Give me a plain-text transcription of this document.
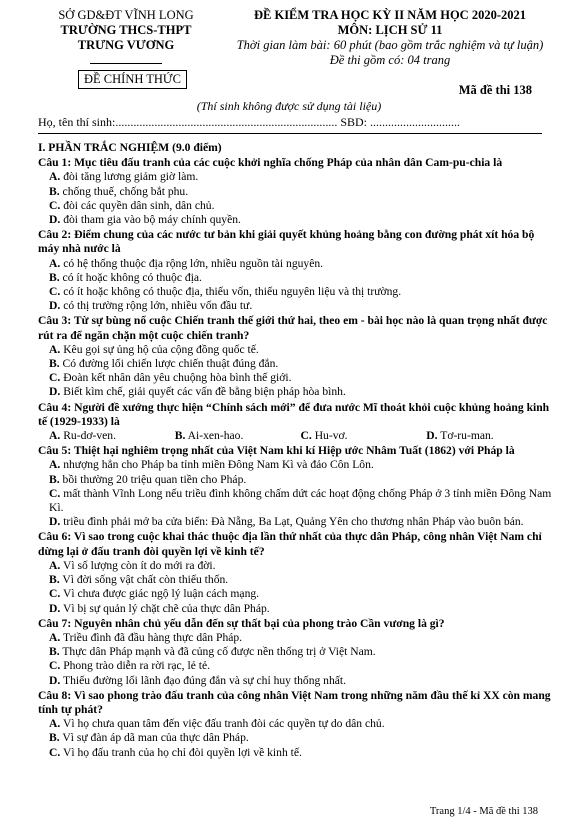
SỞ GD&ĐT VĨNH LONG
TRƯỜNG THCS-THPT
TRƯNG VƯƠNG
ĐỀ CHÍNH THỨC
ĐỀ KIỂM TRA HỌC KỲ II NĂM HỌC 2020-2021
MÔN: LỊCH SỬ 11
Thời gian làm bài: 60 phút (bao gồm trắc nghiệm và tự luận)
Đề thi gồm có: 04 trang
Mã đề thi 138
(Thí sinh không được sử dụng tài liệu)
Họ, tên thí sinh:.......................................................................... SBD: ..............................
I. PHẦN TRẮC NGHIỆM (9.0 điểm)
Câu 1: Mục tiêu đấu tranh của các cuộc khởi nghĩa chống Pháp của nhân dân Cam-pu-chia là
A. đòi tăng lương giảm giờ làm.
B. chống thuế, chống bắt phu.
C. đòi các quyền dân sinh, dân chủ.
D. đòi tham gia vào bộ máy chính quyền.
Câu 2: Điểm chung của các nước tư bản khi giải quyết khủng hoảng bằng con đường phát xít hóa bộ máy nhà nước là
A. có hệ thống thuộc địa rộng lớn, nhiều nguồn tài nguyên.
B. có ít hoặc không có thuộc địa.
C. có ít hoặc không có thuộc địa, thiếu vốn, thiếu nguyên liệu và thị trường.
D. có thị trường rộng lớn, nhiều vốn đầu tư.
Câu 3: Từ sự bùng nổ cuộc Chiến tranh thế giới thứ hai, theo em - bài học nào là quan trọng nhất được rút ra để ngăn chặn một cuộc chiến tranh?
A. Kêu gọi sự ủng hộ của cộng đồng quốc tế.
B. Có đường lối chiến lược chiến thuật đúng đắn.
C. Đoàn kết nhân dân yêu chuộng hòa bình thế giới.
D. Biết kìm chế, giải quyết các vấn đề bằng biện pháp hòa bình.
Câu 4: Người đề xướng thực hiện “Chính sách mới” để đưa nước Mĩ thoát khỏi cuộc khủng hoảng kinh tế (1929-1933) là
A. Ru-dơ-ven.	B. Ai-xen-hao.	C. Hu-vơ.	D. Tơ-ru-man.
Câu 5: Thiệt hại nghiêm trọng nhất của Việt Nam khi kí Hiệp ước Nhâm Tuất (1862) với Pháp là
A. nhượng hẳn cho Pháp ba tỉnh miền Đông Nam Kì và đảo Côn Lôn.
B. bồi thường 20 triệu quan tiền cho Pháp.
C. mất thành Vĩnh Long nếu triều đình không chấm dứt các hoạt động chống Pháp ở 3 tỉnh miền Đông Nam Kì.
D. triều đình phải mở ba cửa biển: Đà Nẵng, Ba Lạt, Quảng Yên cho thương nhân Pháp vào buôn bán.
Câu 6: Vì sao trong cuộc khai thác thuộc địa lần thứ nhất của thực dân Pháp, công nhân Việt Nam chỉ dừng lại ở đấu tranh đòi quyền lợi về kinh tế?
A. Vì số lượng còn ít do mới ra đời.
B. Vì đời sống vật chất còn thiếu thốn.
C. Vì chưa được giác ngộ lý luận cách mạng.
D. Vì bị sự quản lý chặt chẽ của thực dân Pháp.
Câu 7: Nguyên nhân chủ yếu dẫn đến sự thất bại của phong trào Cần vương là gì?
A. Triều đình đã đầu hàng thực dân Pháp.
B. Thực dân Pháp mạnh và đã củng cố được nền thống trị ở Việt Nam.
C. Phong trào diễn ra rời rạc, lẻ tẻ.
D. Thiếu đường lối lãnh đạo đúng đắn và sự chỉ huy thống nhất.
Câu 8: Vì sao phong trào đấu tranh của công nhân Việt Nam trong những năm đầu thế kỉ XX còn mang tính tự phát?
A. Vì họ chưa quan tâm đến việc đấu tranh đòi các quyền tự do dân chủ.
B. Vì sự đàn áp dã man của thực dân Pháp.
C. Vì họ đấu tranh của họ chỉ đòi quyền lợi về kinh tế.
Trang 1/4 - Mã đề thi 138
